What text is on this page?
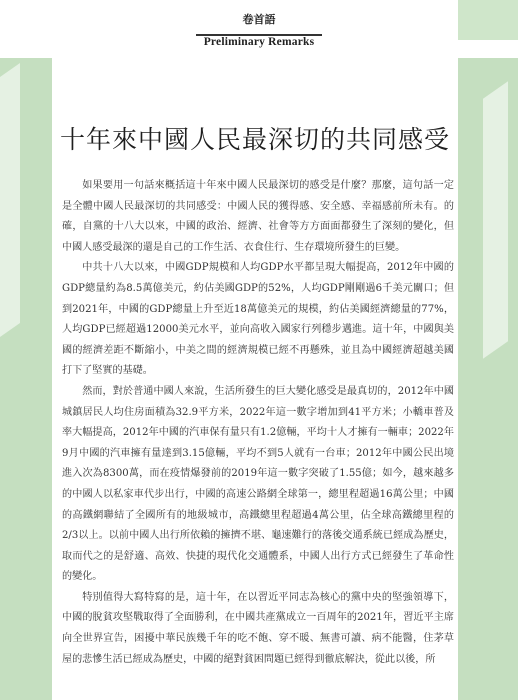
卷首語
Preliminary Remarks
十年來中國人民最深切的共同感受

如果要用一句話來概括這十年來中國人民最深切的感受是什麼？那麼，這句話一定是全體中國人民最深切的共同感受：中國人民的獲得感、安全感、幸福感前所未有。的確，自黨的十八大以來，中國的政治、經濟、社會等方方面面都發生了深刻的變化，但中國人感受最深的還是自己的工作生活、衣食住行、生存環境所發生的巨變。

中共十八大以來，中國GDP規模和人均GDP水平都呈現大幅提高，2012年中國的GDP總量約為8.5萬億美元，約佔美國GDP的52%，人均GDP剛剛過6千美元關口；但到2021年，中國的GDP總量上升至近18萬億美元的規模，約佔美國經濟總量的77%，人均GDP已經超過12000美元水平，並向高收入國家行列穩步邁進。這十年，中國與美國的經濟差距不斷縮小，中美之間的經濟規模已經不再懸殊，並且為中國經濟超越美國打下了堅實的基礎。

然而，對於普通中國人來說，生活所發生的巨大變化感受是最真切的，2012年中國城鎮居民人均住房面積為32.9平方米，2022年這一數字增加到41平方米；小轎車普及率大幅提高，2012年中國的汽車保有量只有1.2億輛，平均十人才擁有一輛車；2022年9月中國的汽車擁有量達到3.15億輛，平均不到5人就有一台車；2012年中國公民出境進入次為8300萬，而在疫情爆發前的2019年這一數字突破了1.55億；如今，越來越多的中國人以私家車代步出行，中國的高速公路網全球第一，總里程超過16萬公里；中國的高鐵網聯結了全國所有的地級城市，高鐵總里程超過4萬公里，佔全球高鐵總里程的2/3以上。以前中國人出行所依賴的擁擠不堪、龜速難行的落後交通系統已經成為歷史，取而代之的是舒適、高效、快捷的現代化交通體系，中國人出行方式已經發生了革命性的變化。

特別值得大寫特寫的是，這十年，在以習近平同志為核心的黨中央的堅強領導下，中國的脫貧攻堅戰取得了全面勝利，在中國共產黨成立一百周年的2021年，習近平主席向全世界宣告，困擾中華民族幾千年的吃不飽、穿不暖、無書可讀、病不能醫，住茅草屋的悲慘生活已經成為歷史，中國的絕對貧困問題已經得到徹底解決，從此以後，所
